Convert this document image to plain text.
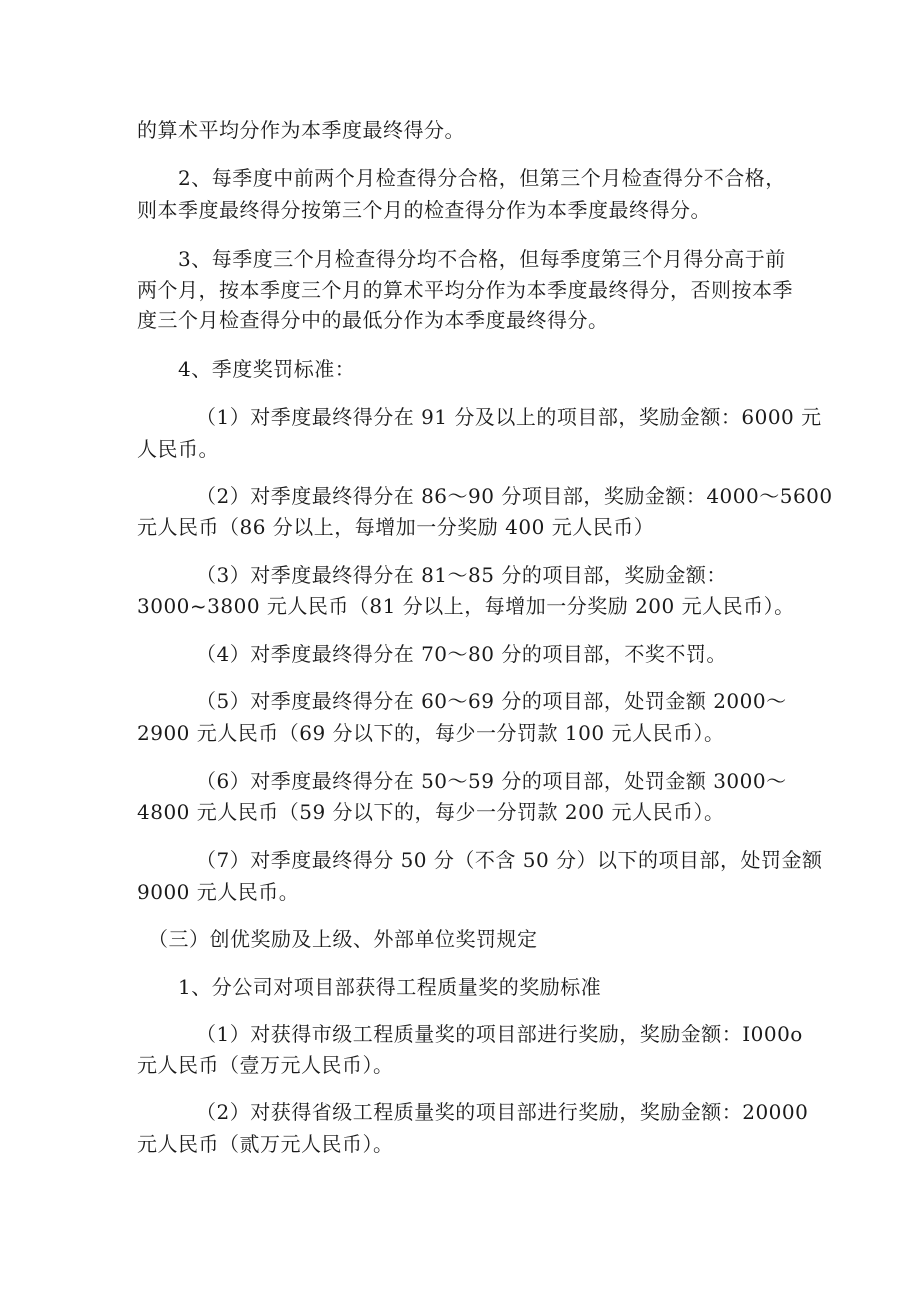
的算术平均分作为本季度最终得分。

2、每季度中前两个月检查得分合格，但第三个月检查得分不合格，

则本季度最终得分按第三个月的检查得分作为本季度最终得分。

3、每季度三个月检查得分均不合格，但每季度第三个月得分高于前

两个月，按本季度三个月的算术平均分作为本季度最终得分，否则按本季

度三个月检查得分中的最低分作为本季度最终得分。

4、季度奖罚标准：

（1）对季度最终得分在 91 分及以上的项目部，奖励金额：6000 元

人民币。

（2）对季度最终得分在 86～90 分项目部，奖励金额：4000～5600

元人民币（86 分以上，每增加一分奖励 400 元人民币）

（3）对季度最终得分在 81～85 分的项目部，奖励金额：

3000~3800 元人民币（81 分以上，每增加一分奖励 200 元人民币）。

（4）对季度最终得分在 70～80 分的项目部，不奖不罚。

（5）对季度最终得分在 60～69 分的项目部，处罚金额 2000～

2900 元人民币（69 分以下的，每少一分罚款 100 元人民币）。

（6）对季度最终得分在 50～59 分的项目部，处罚金额 3000～

4800 元人民币（59 分以下的，每少一分罚款 200 元人民币）。

（7）对季度最终得分 50 分（不含 50 分）以下的项目部，处罚金额

9000 元人民币。

（三）创优奖励及上级、外部单位奖罚规定

1、分公司对项目部获得工程质量奖的奖励标准

（1）对获得市级工程质量奖的项目部进行奖励，奖励金额：I000o

元人民币（壹万元人民币）。

（2）对获得省级工程质量奖的项目部进行奖励，奖励金额：20000

元人民币（贰万元人民币）。
